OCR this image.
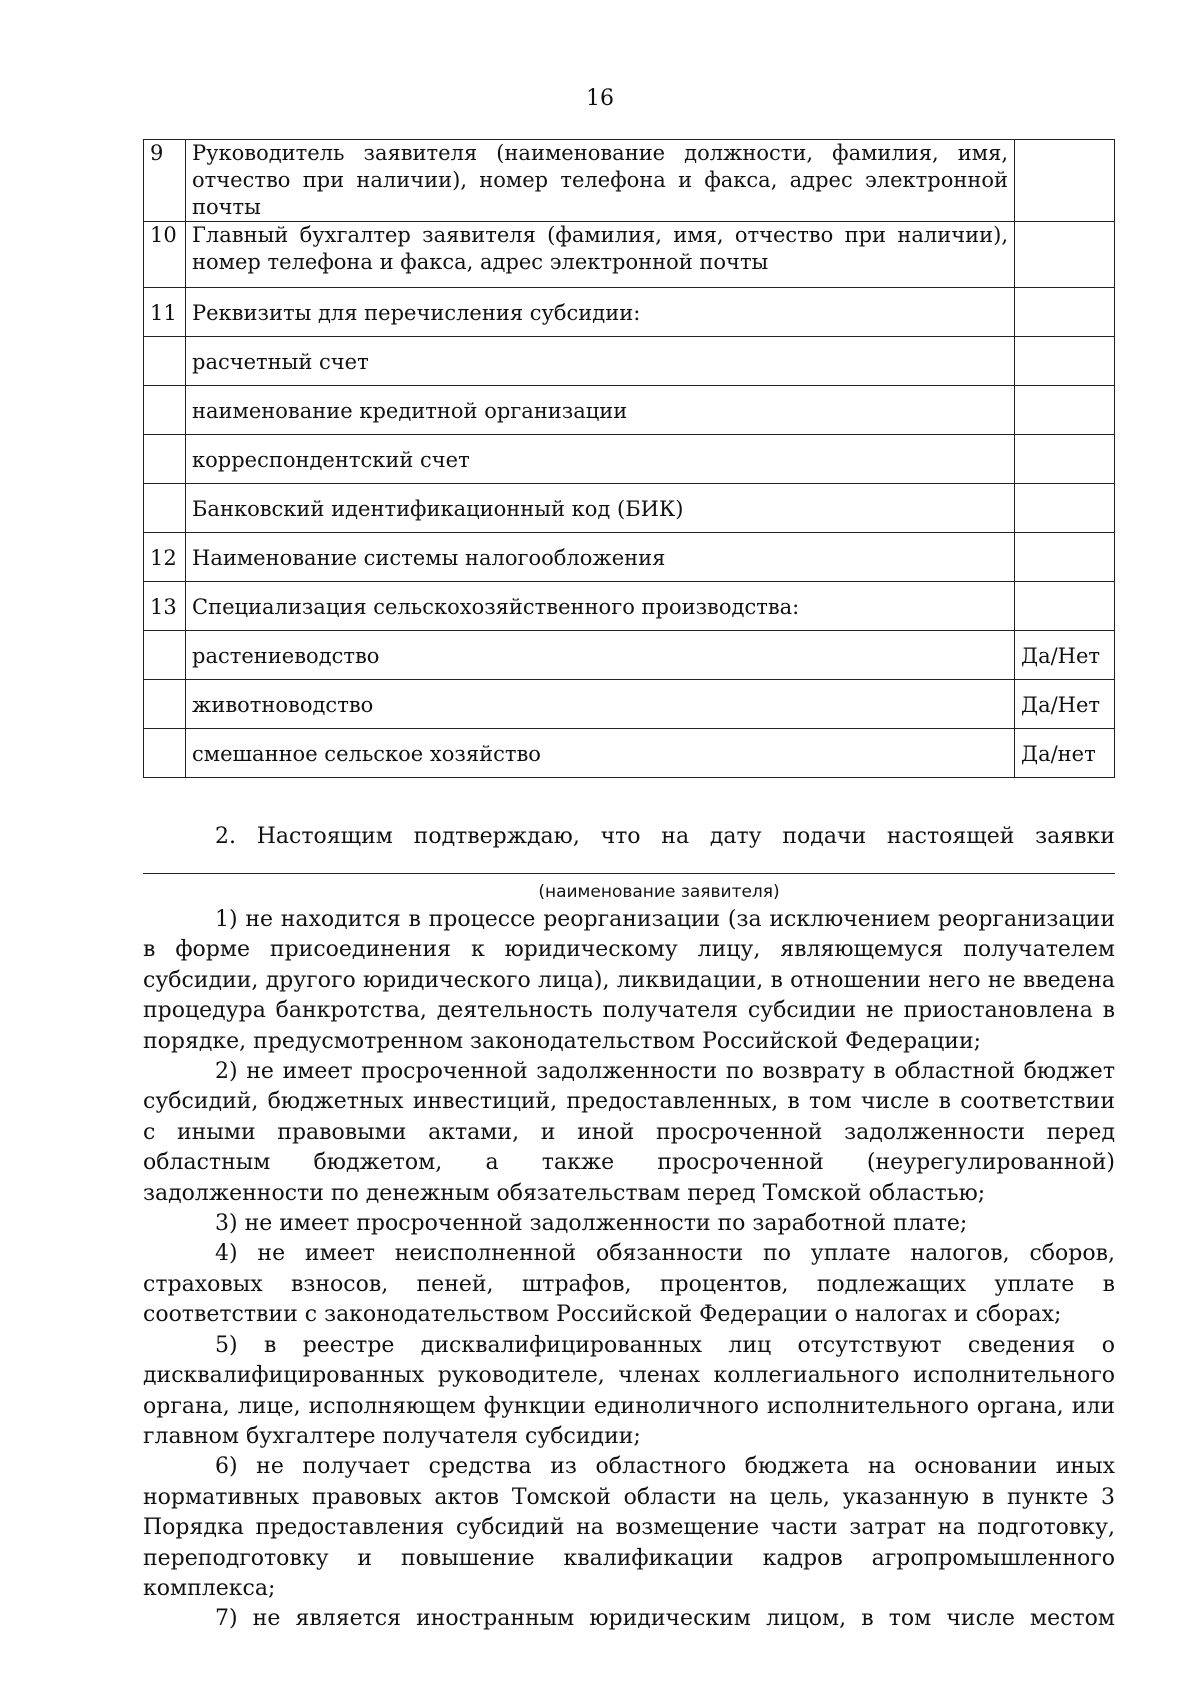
16
9	Руководитель заявителя (наименование должности, фамилия, имя, отчество при наличии), номер телефона и факса, адрес электронной почты	
10	Главный бухгалтер заявителя (фамилия, имя, отчество при наличии), номер телефона и факса, адрес электронной почты	
11	Реквизиты для перечисления субсидии:	
	расчетный счет	
	наименование кредитной организации	
	корреспондентский счет	
	Банковский идентификационный код (БИК)	
12	Наименование системы налогообложения	
13	Специализация сельскохозяйственного производства:	
	растениеводство	Да/Нет
	животноводство	Да/Нет
	смешанное сельское хозяйство	Да/нет
2. Настоящим подтверждаю, что на дату подачи настоящей заявки
(наименование заявителя)

1) не находится в процессе реорганизации (за исключением реорганизации в форме присоединения к юридическому лицу, являющемуся получателем субсидии, другого юридического лица), ликвидации, в отношении него не введена процедура банкротства, деятельность получателя субсидии не приостановлена в порядке, предусмотренном законодательством Российской Федерации;

2) не имеет просроченной задолженности по возврату в областной бюджет субсидий, бюджетных инвестиций, предоставленных, в том числе в соответствии с иными правовыми актами, и иной просроченной задолженности перед областным бюджетом, а также просроченной (неурегулированной) задолженности по денежным обязательствам перед Томской областью;

3) не имеет просроченной задолженности по заработной плате;

4) не имеет неисполненной обязанности по уплате налогов, сборов, страховых взносов, пеней, штрафов, процентов, подлежащих уплате в соответствии с законодательством Российской Федерации о налогах и сборах;

5) в реестре дисквалифицированных лиц отсутствуют сведения о дисквалифицированных руководителе, членах коллегиального исполнительного органа, лице, исполняющем функции единоличного исполнительного органа, или главном бухгалтере получателя субсидии;

6) не получает средства из областного бюджета на основании иных нормативных правовых актов Томской области на цель, указанную в пункте 3 Порядка предоставления субсидий на возмещение части затрат на подготовку, переподготовку и повышение квалификации кадров агропромышленного комплекса;

7) не является иностранным юридическим лицом, в том числе местом
